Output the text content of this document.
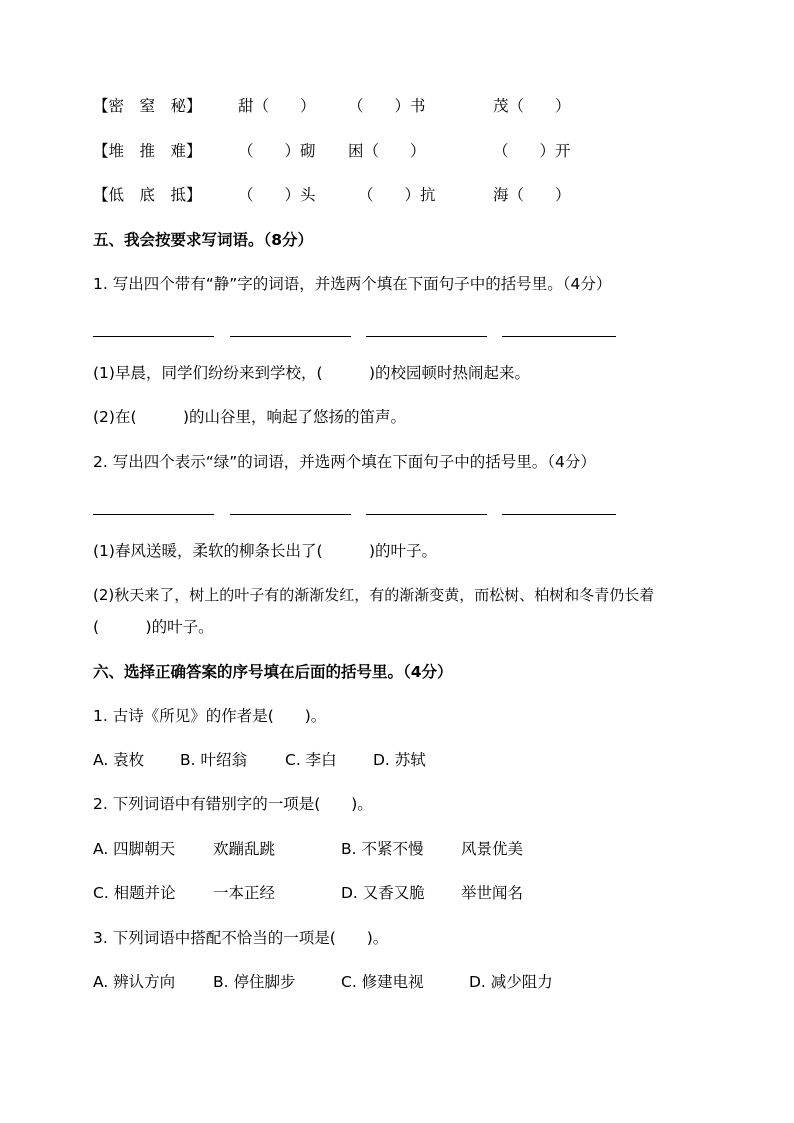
【密　窒　秘】 甜（　　） （　　）书	茂（　　）
【堆　推　难】 （　　）砌 困（　　）	（　　）开
【低　底　抵】 （　　）头	（　　）抗	海（　　）
五、我会按要求写词语。（8分）
1. 写出四个带有“静”字的词语，并选两个填在下面句子中的括号里。（4分）
(1)早晨，同学们纷纷来到学校，(　　　)的校园顿时热闹起来。
(2)在(　　　)的山谷里，响起了悠扬的笛声。
2. 写出四个表示“绿”的词语，并选两个填在下面句子中的括号里。（4分）
(1)春风送暖，柔软的柳条长出了(　　　)的叶子。
(2)秋天来了，树上的叶子有的渐渐发红，有的渐渐变黄，而松树、柏树和冬青仍长着
(　　　)的叶子。
六、选择正确答案的序号填在后面的括号里。（4分）
1. 古诗《所见》的作者是(　　)。
A. 袁枚 B. 叶绍翁 C. 李白 D. 苏轼
2. 下列词语中有错别字的一项是(　　)。
A. 四脚朝天 欢蹦乱跳	B. 不紧不慢 风景优美
C. 相题并论 一本正经	D. 又香又脆 举世闻名
3. 下列词语中搭配不恰当的一项是(　　)。
A. 辨认方向 B. 停住脚步	C. 修建电视	D. 减少阻力
